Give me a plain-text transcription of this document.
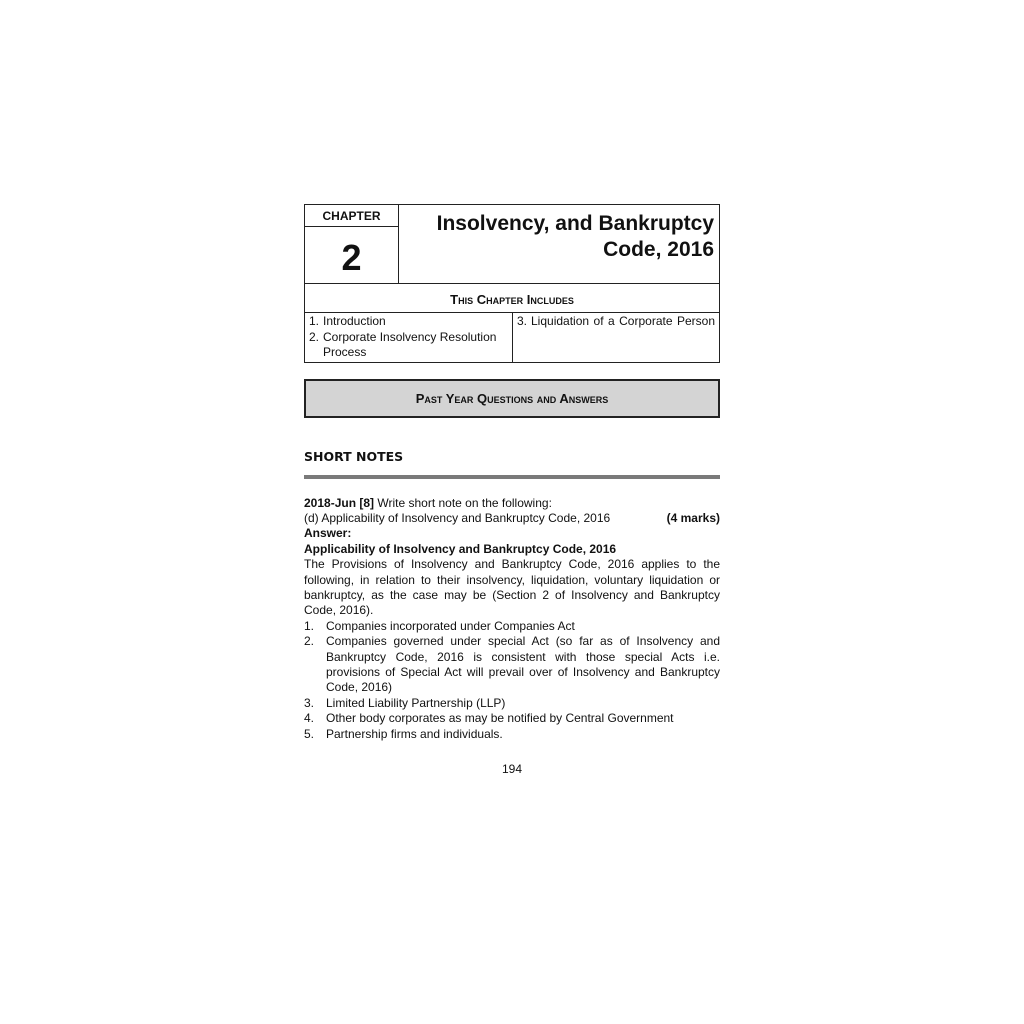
CHAPTER
2
Insolvency, and Bankruptcy
Code, 2016
This Chapter Includes
1. Introduction
2. Corporate Insolvency Resolution Process
3. Liquidation of a Corporate Person
Past Year Questions and Answers
SHORT NOTES
2018-Jun [8] Write short note on the following:
(d) Applicability of Insolvency and Bankruptcy Code, 2016	(4 marks)
Answer:
Applicability of Insolvency and Bankruptcy Code, 2016
The Provisions of Insolvency and Bankruptcy Code, 2016 applies to the following, in relation to their insolvency, liquidation, voluntary liquidation or bankruptcy, as the case may be (Section 2 of Insolvency and Bankruptcy Code, 2016).
1. Companies incorporated under Companies Act
2. Companies governed under special Act (so far as of Insolvency and Bankruptcy Code, 2016 is consistent with those special Acts i.e. provisions of Special Act will prevail over of Insolvency and Bankruptcy Code, 2016)
3. Limited Liability Partnership (LLP)
4. Other body corporates as may be notified by Central Government
5. Partnership firms and individuals.
194
